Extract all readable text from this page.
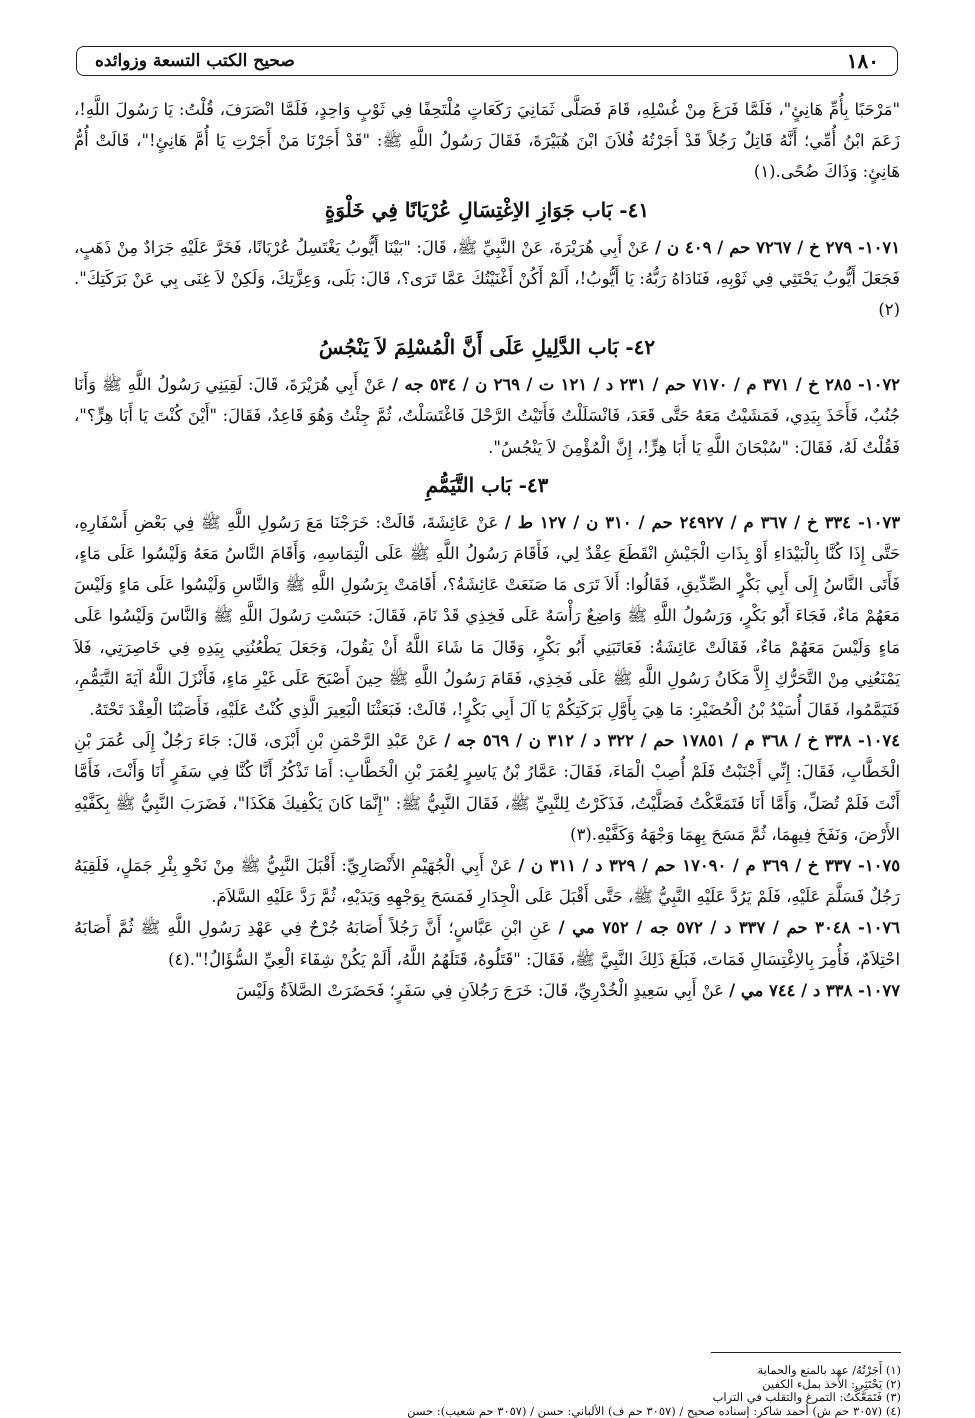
١٨٠
صحيح الكتب التسعة وزوائده

"مَرْحَبًا بِأُمِّ هَانِئٍ"، فَلَمَّا فَرَغَ مِنْ غُسْلِهِ، قَامَ فَصَلَّى ثَمَانِيَ رَكَعَاتٍ مُلْتَحِفًا فِي ثَوْبٍ وَاحِدٍ، فَلَمَّا انْصَرَفَ، قُلْتُ: يَا رَسُولَ اللَّهِ!، زَعَمَ ابْنُ أُمِّي؛ أَنَّهُ قَاتِلٌ رَجُلاً قَدْ أَجَرْتُهُ فُلاَنَ ابْنَ هُبَيْرَةَ، فَقَالَ رَسُولُ اللَّهِ ﷺ: "قَدْ أَجَرْنَا مَنْ أَجَرْتِ يَا أُمَّ هَانِئٍ!"، قَالَتْ أُمُّ هَانِئٍ: وَذَاكَ ضُحًى.(١)

٤١- بَاب جَوَازِ الاِغْتِسَالِ عُرْيَانًا فِي خَلْوَةٍ

١٠٧١- ٢٧٩ خ / ٧٢٦٧ حم / ٤٠٩ ن / عَنْ أَبِي هُرَيْرَةَ، عَنْ النَّبِيِّ ﷺ، قَالَ: "بَيْنَا أَيُّوبُ يَغْتَسِلُ عُرْيَانًا، فَخَرَّ عَلَيْهِ جَرَادٌ مِنْ ذَهَبٍ، فَجَعَلَ أَيُّوبُ يَحْتَثِي فِي ثَوْبِهِ، فَنَادَاهُ رَبُّهُ: يَا أَيُّوبُ!، أَلَمْ أَكُنْ أَغْنَيْتُكَ عَمَّا تَرَى؟، قَالَ: بَلَى، وَعِزَّتِكَ، وَلَكِنْ لاَ غِنَى بِي عَنْ بَرَكَتِكَ".(٢)

٤٢- بَاب الدَّلِيلِ عَلَى أَنَّ الْمُسْلِمَ لاَ يَنْجُسُ

١٠٧٢- ٢٨٥ خ / ٣٧١ م / ٧١٧٠ حم / ٢٣١ د / ١٢١ ت / ٢٦٩ ن / ٥٣٤ جه / عَنْ أَبِي هُرَيْرَةَ، قَالَ: لَقِيَنِي رَسُولُ اللَّهِ ﷺ وَأَنَا جُنُبٌ، فَأَخَذَ بِيَدِي، فَمَشَيْتُ مَعَهُ حَتَّى قَعَدَ، فَانْسَلَلْتُ فَأَتَيْتُ الرَّحْلَ فَاغْتَسَلْتُ، ثُمَّ جِئْتُ وَهُوَ قَاعِدٌ، فَقَالَ: "أَيْنَ كُنْتَ يَا أَبَا هِرٍّ؟"، فَقُلْتُ لَهُ، فَقَالَ: "سُبْحَانَ اللَّهِ يَا أَبَا هِرٍّ!، إِنَّ الْمُؤْمِنَ لاَ يَنْجُسُ".

٤٣- بَاب التَّيَمُّمِ

١٠٧٣- ٣٣٤ خ / ٣٦٧ م / ٢٤٩٢٧ حم / ٣١٠ ن / ١٢٧ ط / عَنْ عَائِشَةَ، قَالَتْ: خَرَجْنَا مَعَ رَسُولِ اللَّهِ ﷺ فِي بَعْضِ أَسْفَارِهِ، حَتَّى إِذَا كُنَّا بِالْبَيْدَاءِ أَوْ بِذَاتِ الْجَيْشِ انْقَطَعَ عِقْدٌ لِي، فَأَقَامَ رَسُولُ اللَّهِ ﷺ عَلَى الْتِمَاسِهِ، وَأَقَامَ النَّاسُ مَعَهُ وَلَيْسُوا عَلَى مَاءٍ، فَأَتَى النَّاسُ إِلَى أَبِي بَكْرٍ الصِّدِّيقِ، فَقَالُوا: أَلاَ تَرَى مَا صَنَعَتْ عَائِشَةُ؟، أَقَامَتْ بِرَسُولِ اللَّهِ ﷺ وَالنَّاسِ وَلَيْسُوا عَلَى مَاءٍ وَلَيْسَ مَعَهُمْ مَاءٌ، فَجَاءَ أَبُو بَكْرٍ، وَرَسُولُ اللَّهِ ﷺ وَاضِعٌ رَأْسَهُ عَلَى فَخِذِي قَدْ نَامَ، فَقَالَ: حَبَسْتِ رَسُولَ اللَّهِ ﷺ وَالنَّاسَ وَلَيْسُوا عَلَى مَاءٍ وَلَيْسَ مَعَهُمْ مَاءٌ، فَقَالَتْ عَائِشَةُ: فَعَاتَبَنِي أَبُو بَكْرٍ، وَقَالَ مَا شَاءَ اللَّهُ أَنْ يَقُولَ، وَجَعَلَ يَطْعُنُنِي بِيَدِهِ فِي خَاصِرَتِي، فَلاَ يَمْنَعُنِي مِنْ التَّحَرُّكِ إِلاَّ مَكَانُ رَسُولِ اللَّهِ ﷺ عَلَى فَخِذِي، فَقَامَ رَسُولُ اللَّهِ ﷺ حِينَ أَصْبَحَ عَلَى غَيْرِ مَاءٍ، فَأَنْزَلَ اللَّهُ آيَةَ التَّيَمُّمِ، فَتَيَمَّمُوا، فَقَالَ أُسَيْدُ بْنُ الْحُضَيْرِ: مَا هِيَ بِأَوَّلِ بَرَكَتِكُمْ يَا آلَ أَبِي بَكْرٍ!، قَالَتْ: فَبَعَثْنَا الْبَعِيرَ الَّذِي كُنْتُ عَلَيْهِ، فَأَصَبْنَا الْعِقْدَ تَحْتَهُ.

١٠٧٤- ٣٣٨ خ / ٣٦٨ م / ١٧٨٥١ حم / ٣٢٢ د / ٣١٢ ن / ٥٦٩ جه / عَنْ عَبْدِ الرَّحْمَنِ بْنِ أَبْزَى، قَالَ: جَاءَ رَجُلٌ إِلَى عُمَرَ بْنِ الْخَطَّابِ، فَقَالَ: إِنِّي أَجْنَبْتُ فَلَمْ أُصِبْ الْمَاءَ، فَقَالَ: عَمَّارُ بْنُ يَاسِرٍ لِعُمَرَ بْنِ الْخَطَّابِ: أَمَا تَذْكُرُ أَنَّا كُنَّا فِي سَفَرٍ أَنَا وَأَنْتَ، فَأَمَّا أَنْتَ فَلَمْ تُصَلِّ، وَأَمَّا أَنَا فَتَمَعَّكْتُ فَصَلَّيْتُ، فَذَكَرْتُ لِلنَّبِيِّ ﷺ، فَقَالَ النَّبِيُّ ﷺ: "إِنَّمَا كَانَ يَكْفِيكَ هَكَذَا"، فَضَرَبَ النَّبِيُّ ﷺ بِكَفَّيْهِ الأَرْضَ، وَنَفَخَ فِيهِمَا، ثُمَّ مَسَحَ بِهِمَا وَجْهَهُ وَكَفَّيْهِ.(٣)

١٠٧٥- ٣٣٧ خ / ٣٦٩ م / ١٧٠٩٠ حم / ٣٢٩ د / ٣١١ ن / عَنْ أَبِي الْجُهَيْمِ الأَنْصَارِيِّ: أَقْبَلَ النَّبِيُّ ﷺ مِنْ نَحْوِ بِئْرِ جَمَلٍ، فَلَقِيَهُ رَجُلٌ فَسَلَّمَ عَلَيْهِ، فَلَمْ يَرُدَّ عَلَيْهِ النَّبِيُّ ﷺ، حَتَّى أَقْبَلَ عَلَى الْجِدَارِ فَمَسَحَ بِوَجْهِهِ وَيَدَيْهِ، ثُمَّ رَدَّ عَلَيْهِ السَّلاَمَ.

١٠٧٦- ٣٠٤٨ حم / ٣٣٧ د / ٥٧٢ جه / ٧٥٢ مي / عَنِ ابْنِ عَبَّاسٍ؛ أَنَّ رَجُلاً أَصَابَهُ جُرْحٌ فِي عَهْدِ رَسُولِ اللَّهِ ﷺ ثُمَّ أَصَابَهُ احْتِلاَمٌ، فَأُمِرَ بِالاِغْتِسَالِ فَمَاتَ، فَبَلَغَ ذَلِكَ النَّبِيَّ ﷺ، فَقَالَ: "قَتَلُوهُ، قَتَلَهُمُ اللَّهُ، أَلَمْ يَكُنْ شِفَاءَ الْعِيِّ السُّؤَالُ!".(٤)

١٠٧٧- ٣٣٨ د / ٧٤٤ مي / عَنْ أَبِي سَعِيدٍ الْخُدْرِيِّ، قَالَ: خَرَجَ رَجُلاَنِ فِي سَفَرٍ؛ فَحَضَرَتْ الصَّلاَةُ وَلَيْسَ

(١) أَجَرْتُهُ/ عهد بالمنع والحماية
(٢) يَحْتَثِي: الأخذ بملء الكفين
(٣) فَتَمَعَّكْتُ: التمرغ والتقلب في التراب
(٤) (٣٠٥٧ حم ش) أحمد شاكر: إسناده صحيح / (٣٠٥٧ حم ف) الألباني: حسن / (٣٠٥٧ حم شعيب): حسن
